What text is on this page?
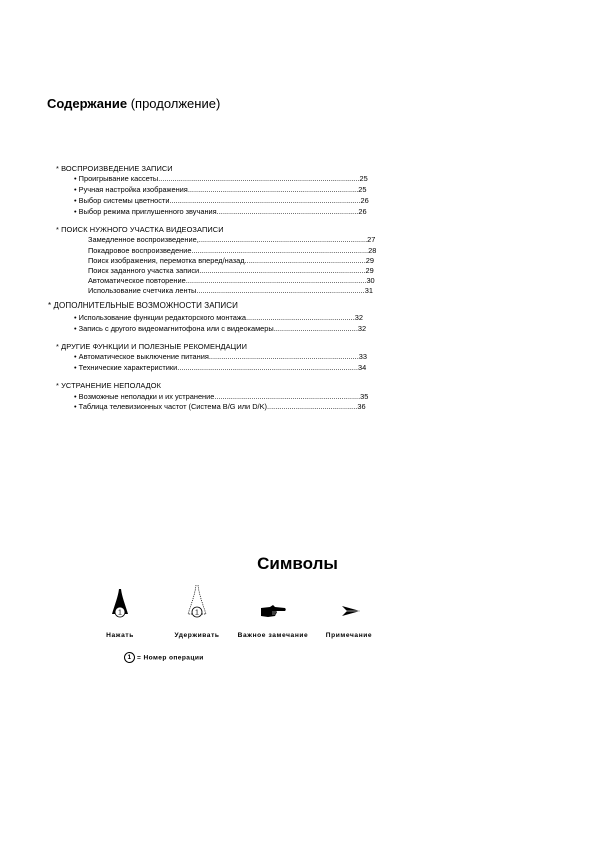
Содержание (продолжение)
* ВОСПРОИЗВЕДЕНИЕ ЗАПИСИ
• Проигрывание кассеты..................................................................................................25
• Ручная настройка изображения...................................................................................25
• Выбор системы цветности.............................................................................................26
• Выбор режима приглушенного звучания.....................................................................26
* ПОИСК НУЖНОГО УЧАСТКА ВИДЕОЗАПИСИ
Замедленное воспроизведение,..................................................................................27
Покадровое воспроизведение......................................................................................28
Поиск изображения, перемотка вперед/назад...........................................................29
Поиск заданного участка записи.................................................................................29
Автоматическое повторение........................................................................................30
Использование счетчика ленты..................................................................................31
* ДОПОЛНИТЕЛЬНЫЕ ВОЗМОЖНОСТИ ЗАПИСИ
• Использование функции редакторского монтажа.....................................................32
• Запись с другого видеомагнитофона или с видеокамеры.........................................32
* ДРУГИЕ ФУНКЦИИ И ПОЛЕЗНЫЕ РЕКОМЕНДАЦИИ
• Автоматическое выключение питания.........................................................................33
• Технические характеристики........................................................................................34
* УСТРАНЕНИЕ НЕПОЛАДОК
• Возможные неполадки и их устранение.......................................................................35
• Таблица телевизионных частот (Система B/G или D/K)............................................36
Символы
1	1
Нажать	Удерживать	Важное замечание	Примечание
1 = Номер операции
